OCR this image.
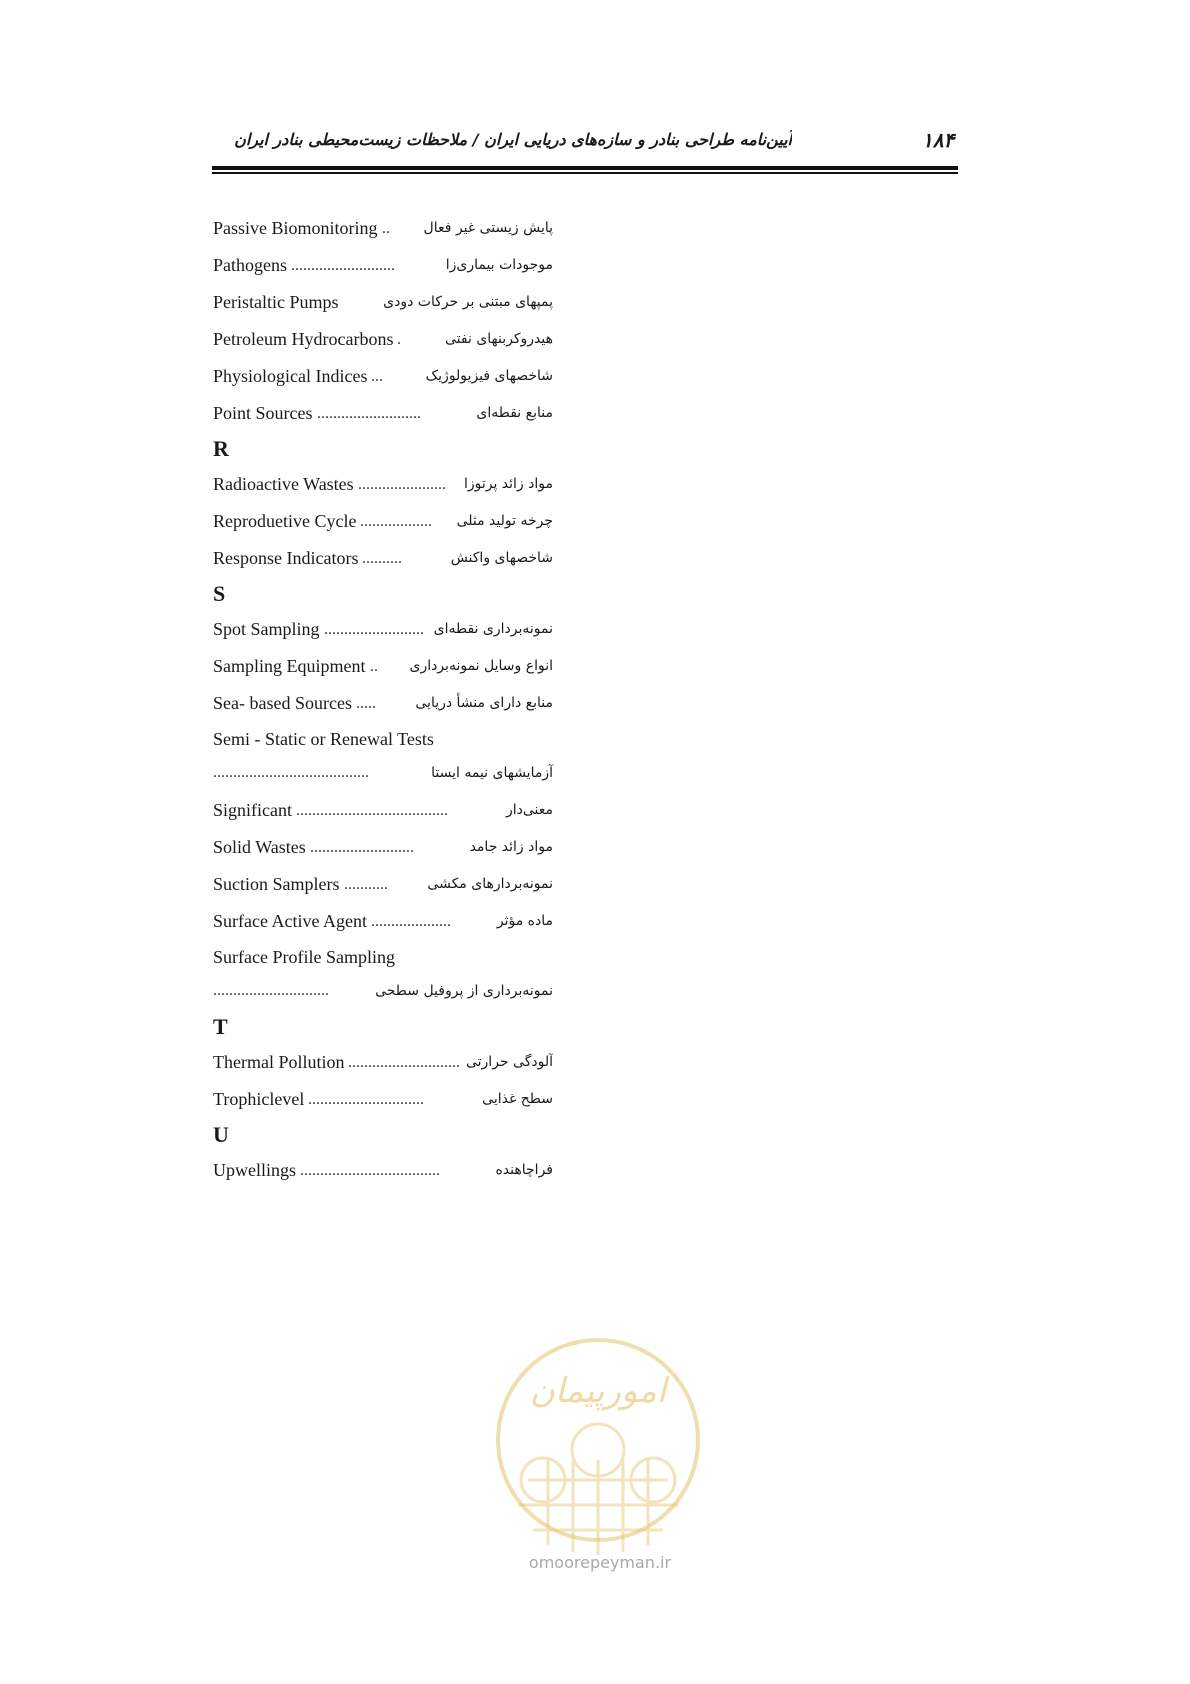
آیین‌نامه طراحی بنادر و سازه‌های دریایی ایران / ملاحظات زیست‌محیطی بنادر ایران	۱۸۴
Passive Biomonitoring .. پایش زیستی غیر فعال
Pathogens ..........................	موجودات بیماری‌زا
Peristaltic Pumps	پمپهای مبتنی بر حرکات دودی
Petroleum Hydrocarbons .	هیدروکربنهای نفتی
Physiological Indices ...	شاخصهای فیزیولوژیک
Point Sources ..........................	منابع نقطه‌ای
R
Radioactive Wastes ...................... مواد زائد پرتوزا
Reproduetive Cycle .................. چرخه تولید مثلی
Response Indicators ..........	شاخصهای واکنش
S
Spot Sampling ......................... نمونه‌برداری نقطه‌ای
Sampling Equipment .. انواع وسایل نمونه‌برداری
Sea- based Sources .....	منابع دارای منشأ دریایی
Semi - Static or Renewal Tests
.......................................	آزمایشهای نیمه ایستا
Significant ......................................	معنی‌دار
Solid Wastes ..........................	مواد زائد جامد
Suction Samplers ...........	نمونه‌بردارهای مکشی
Surface Active Agent ....................	ماده مؤثر
Surface Profile Sampling
.............................	نمونه‌برداری از پروفیل سطحی
T
Thermal Pollution ............................ آلودگی حرارتی
Trophiclevel .............................	سطح غذایی
U
Upwellings ...................................	فراچاهنده
امورپیمان
omoorepeyman.ir
